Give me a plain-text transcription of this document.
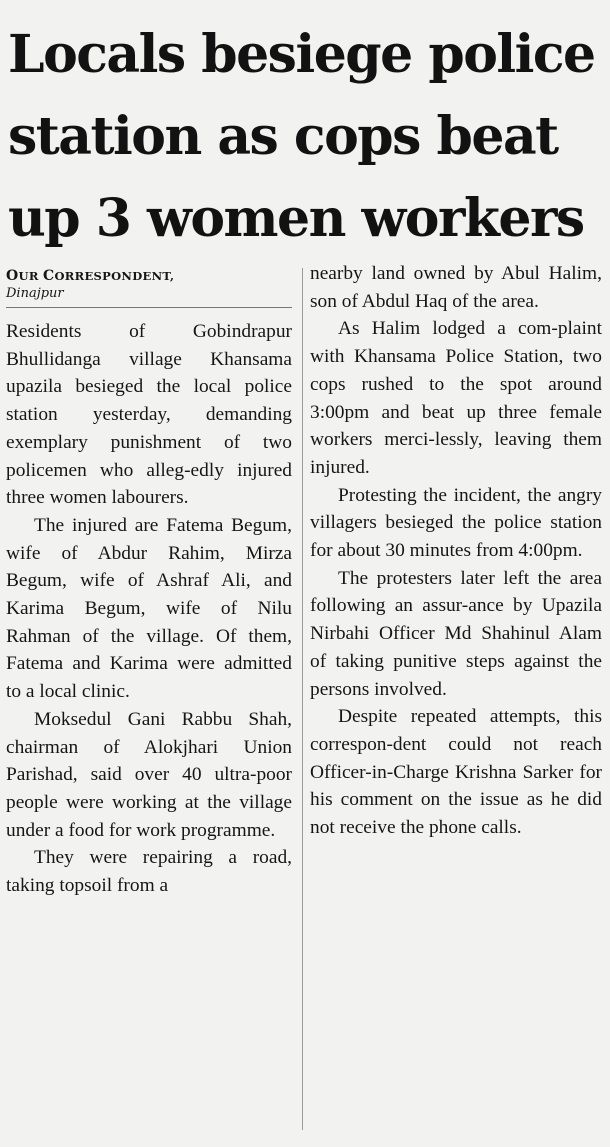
Locals besiege police
station as cops beat
up 3 women workers
OUR CORRESPONDENT,
Dinajpur

Residents of Gobindrapur Bhullidanga village Khansama upazila besieged the local police station yesterday, demanding exemplary punishment of two policemen who alleg-edly injured three women labourers.

The injured are Fatema Begum, wife of Abdur Rahim, Mirza Begum, wife of Ashraf Ali, and Karima Begum, wife of Nilu Rahman of the village. Of them, Fatema and Karima were admitted to a local clinic.

Moksedul Gani Rabbu Shah, chairman of Alokjhari Union Parishad, said over 40 ultra-poor people were working at the village under a food for work programme.

They were repairing a road, taking topsoil from a

nearby land owned by Abul Halim, son of Abdul Haq of the area.

As Halim lodged a com-plaint with Khansama Police Station, two cops rushed to the spot around 3:00pm and beat up three female workers merci-lessly, leaving them injured.

Protesting the incident, the angry villagers besieged the police station for about 30 minutes from 4:00pm.

The protesters later left the area following an assur-ance by Upazila Nirbahi Officer Md Shahinul Alam of taking punitive steps against the persons involved.

Despite repeated attempts, this correspon-dent could not reach Officer-in-Charge Krishna Sarker for his comment on the issue as he did not receive the phone calls.
